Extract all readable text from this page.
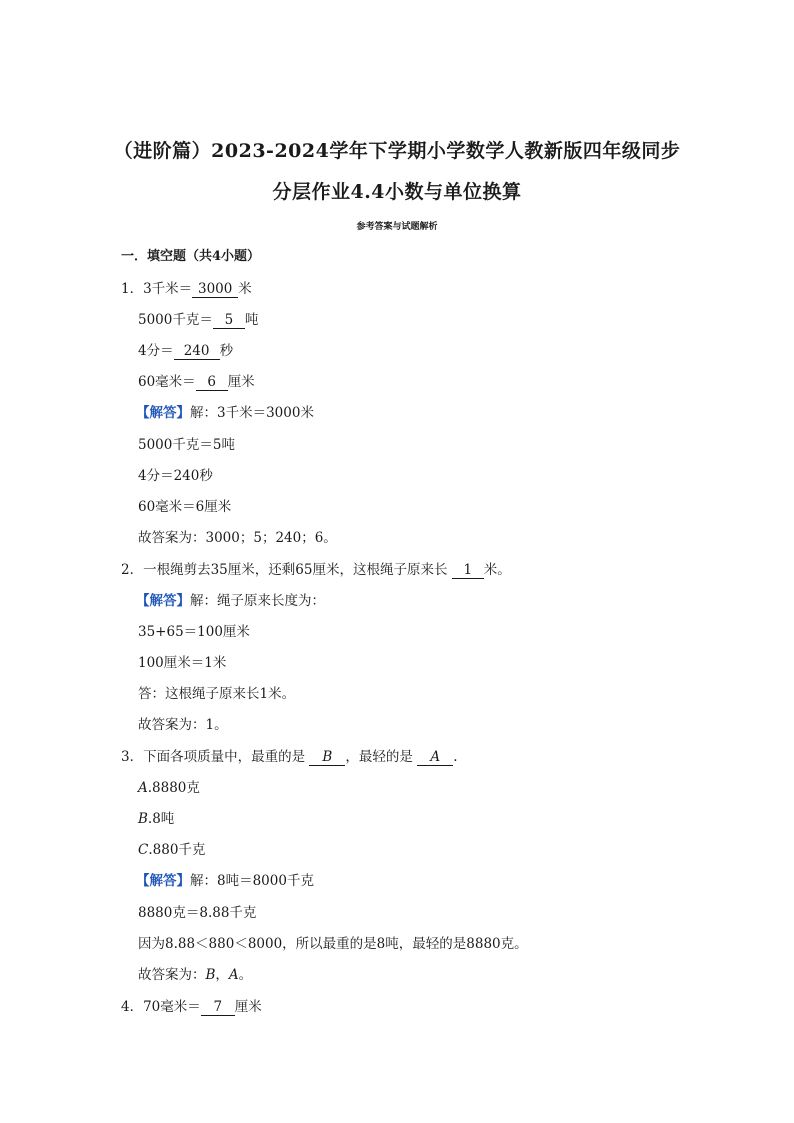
（进阶篇）2023-2024学年下学期小学数学人教新版四年级同步
分层作业4.4小数与单位换算
参考答案与试题解析
一．填空题（共4小题）
1．3千米＝ 3000 米
5000千克＝ 5 吨
4分＝ 240 秒
60毫米＝ 6 厘米
【解答】解：3千米＝3000米
5000千克＝5吨
4分＝240秒
60毫米＝6厘米
故答案为：3000；5；240；6。
2．一根绳剪去35厘米，还剩65厘米，这根绳子原来长 1 米。
【解答】解：绳子原来长度为：
35+65＝100厘米
100厘米＝1米
答：这根绳子原来长1米。
故答案为：1。
3．下面各项质量中，最重的是 B ，最轻的是 A .
A.8880克
B.8吨
C.880千克
【解答】解：8吨＝8000千克
8880克＝8.88千克
因为8.88＜880＜8000，所以最重的是8吨，最轻的是8880克。
故答案为：B，A。
4．70毫米＝ 7 厘米
